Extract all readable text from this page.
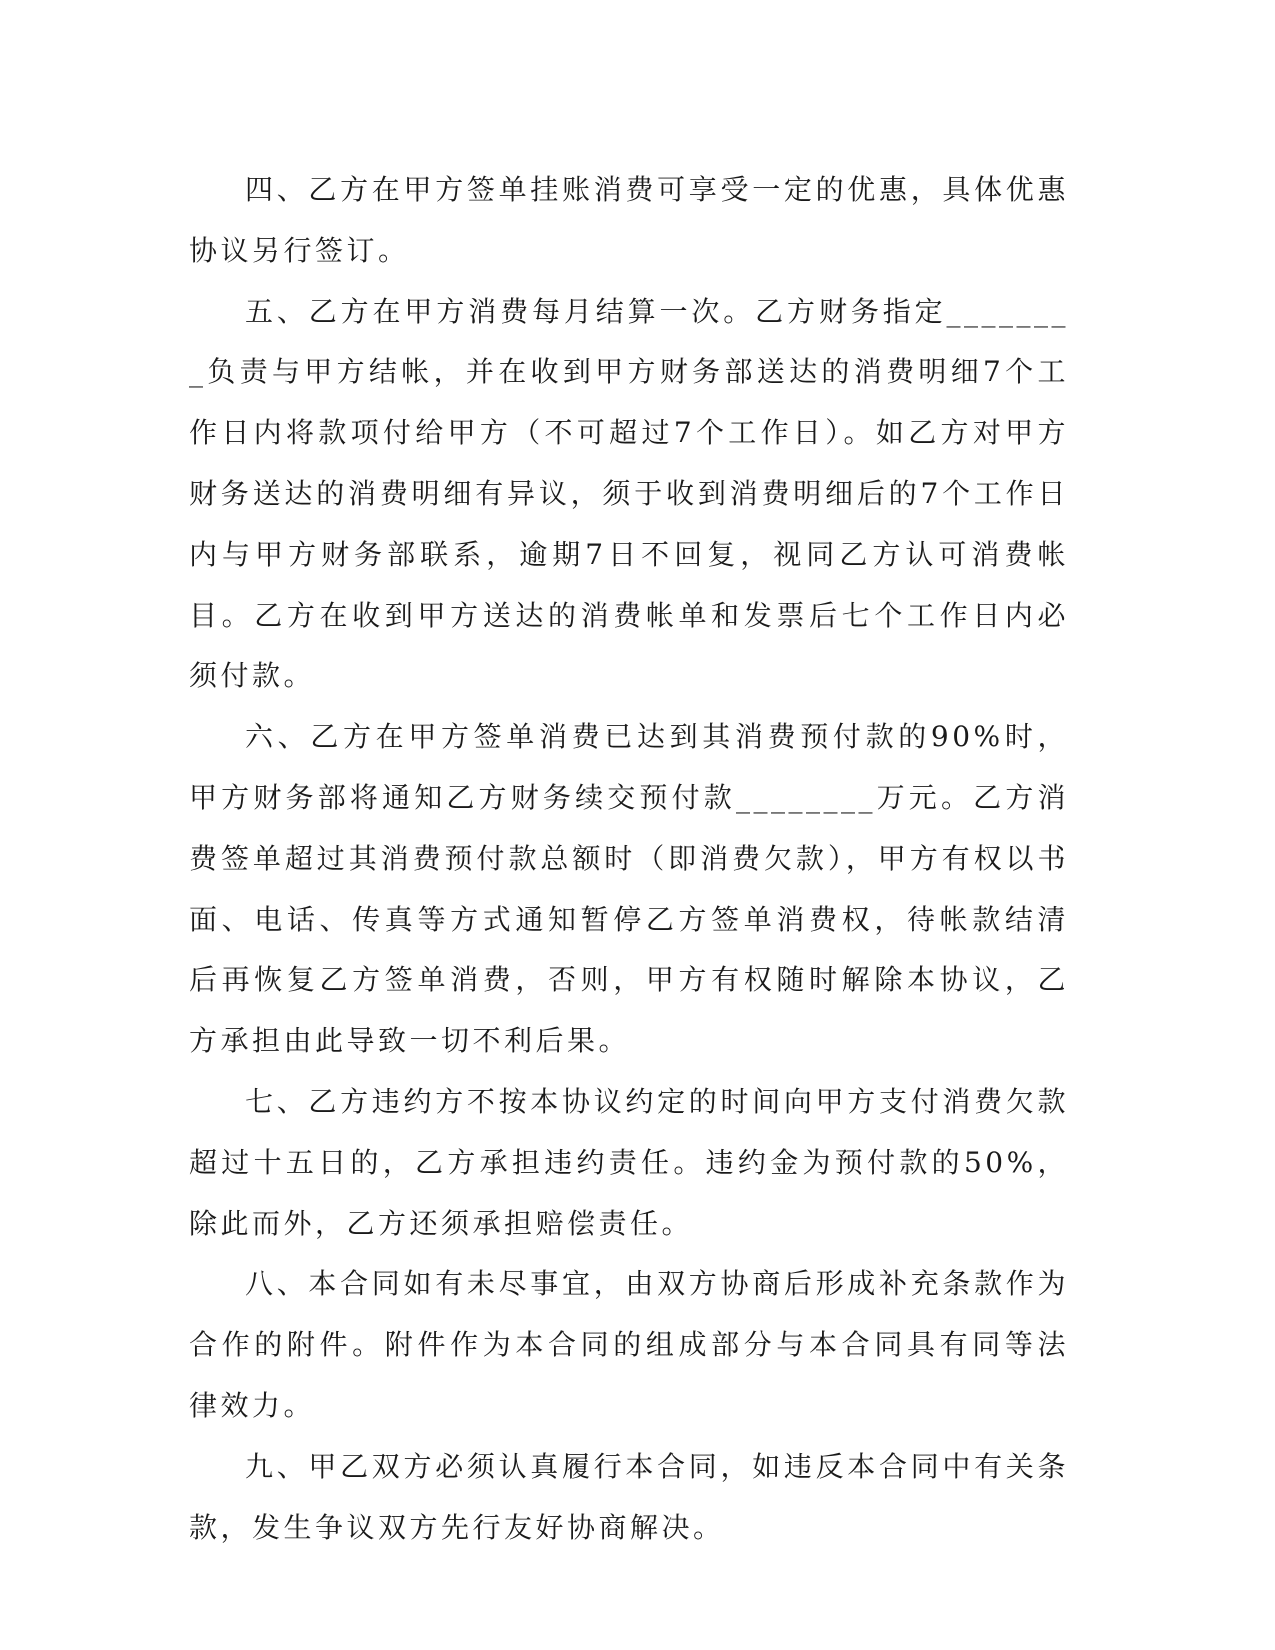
四、乙方在甲方签单挂账消费可享受一定的优惠，具体优惠协议另行签订。

五、乙方在甲方消费每月结算一次。乙方财务指定________负责与甲方结帐，并在收到甲方财务部送达的消费明细7个工作日内将款项付给甲方（不可超过7个工作日）。如乙方对甲方财务送达的消费明细有异议，须于收到消费明细后的7个工作日内与甲方财务部联系，逾期7日不回复，视同乙方认可消费帐目。乙方在收到甲方送达的消费帐单和发票后七个工作日内必须付款。

六、乙方在甲方签单消费已达到其消费预付款的90%时，甲方财务部将通知乙方财务续交预付款________万元。乙方消费签单超过其消费预付款总额时（即消费欠款），甲方有权以书面、电话、传真等方式通知暂停乙方签单消费权，待帐款结清后再恢复乙方签单消费，否则，甲方有权随时解除本协议，乙方承担由此导致一切不利后果。

七、乙方违约方不按本协议约定的时间向甲方支付消费欠款超过十五日的，乙方承担违约责任。违约金为预付款的50%，除此而外，乙方还须承担赔偿责任。

八、本合同如有未尽事宜，由双方协商后形成补充条款作为合作的附件。附件作为本合同的组成部分与本合同具有同等法律效力。

九、甲乙双方必须认真履行本合同，如违反本合同中有关条款，发生争议双方先行友好协商解决。
